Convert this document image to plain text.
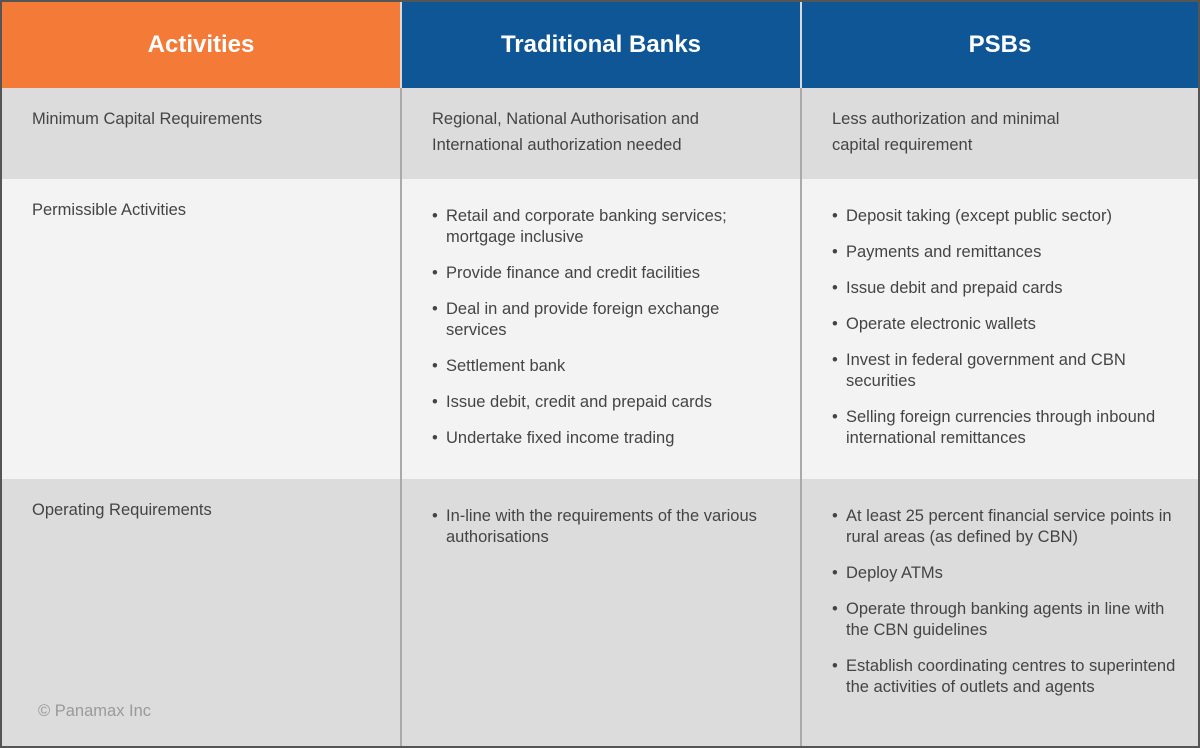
Activities	Traditional Banks	PSBs
Minimum Capital Requirements	Regional, National Authorisation and
International authorization needed
Less authorization and minimal
capital requirement
Permissible Activities
•	Retail and corporate banking services; mortgage inclusive
• Provide finance and credit facilities
• Deal in and provide foreign exchange services
• Settlement bank
• Issue debit, credit and prepaid cards
• Undertake fixed income trading
• Deposit taking (except public sector)
• Payments and remittances
• Issue debit and prepaid cards
• Operate electronic wallets
• Invest in federal government and CBN securities
• Selling foreign currencies through inbound international remittances
Operating Requirements
© Panamax Inc
• In-line with the requirements of the various authorisations
• At least 25 percent financial service points in rural areas (as defined by CBN)
• Deploy ATMs
• Operate through banking agents in line with the CBN guidelines
• Establish coordinating centres to superintend the activities of outlets and agents
